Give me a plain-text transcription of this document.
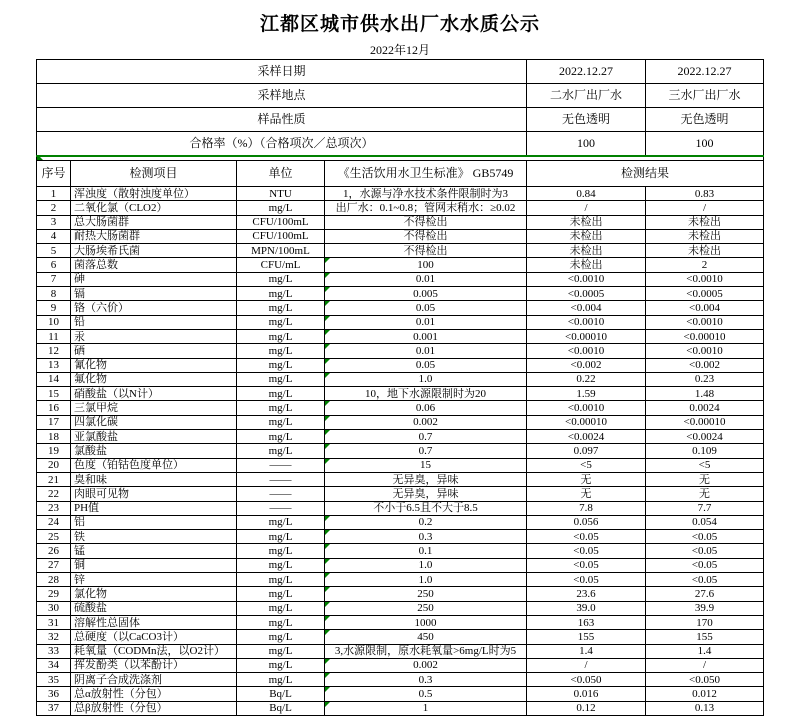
江都区城市供水出厂水水质公示
2022年12月
采样日期				2022.12.27	2022.12.27
采样地点				二水厂出厂水	三水厂出厂水
样品性质				无色透明	无色透明
合格率（%）（合格项次／总项次）				100	100

序号	检测项目	单位	《生活饮用水卫生标准》 GB5749	检测结果	
1	浑浊度（散射浊度单位）	NTU	1，水源与净水技术条件限制时为3	0.84	0.83
2	二氧化氯（CLO2）	mg/L	出厂水：0.1~0.8；管网末稍水：≥0.02	/	/
3	总大肠菌群	CFU/100mL	不得检出	未检出	未检出
4	耐热大肠菌群	CFU/100mL	不得检出	未检出	未检出
5	大肠埃希氏菌	MPN/100mL	不得检出	未检出	未检出
6	菌落总数	CFU/mL	100	未检出	2
7	砷	mg/L	0.01	<0.0010	<0.0010
8	镉	mg/L	0.005	<0.0005	<0.0005
9	铬（六价）	mg/L	0.05	<0.004	<0.004
10	铅	mg/L	0.01	<0.0010	<0.0010
11	汞	mg/L	0.001	<0.00010	<0.00010
12	硒	mg/L	0.01	<0.0010	<0.0010
13	氰化物	mg/L	0.05	<0.002	<0.002
14	氟化物	mg/L	1.0	0.22	0.23
15	硝酸盐（以N计）	mg/L	10，地下水源限制时为20	1.59	1.48
16	三氯甲烷	mg/L	0.06	<0.0010	0.0024
17	四氯化碳	mg/L	0.002	<0.00010	<0.00010
18	亚氯酸盐	mg/L	0.7	<0.0024	<0.0024
19	氯酸盐	mg/L	0.7	0.097	0.109
20	色度（铂钴色度单位）	——	15	<5	<5
21	臭和味	——	无异臭，异味	无	无
22	肉眼可见物	——	无异臭，异味	无	无
23	PH值	——	不小于6.5且不大于8.5	7.8	7.7
24	铝	mg/L	0.2	0.056	0.054
25	铁	mg/L	0.3	<0.05	<0.05
26	锰	mg/L	0.1	<0.05	<0.05
27	铜	mg/L	1.0	<0.05	<0.05
28	锌	mg/L	1.0	<0.05	<0.05
29	氯化物	mg/L	250	23.6	27.6
30	硫酸盐	mg/L	250	39.0	39.9
31	溶解性总固体	mg/L	1000	163	170
32	总硬度（以CaCO3计）	mg/L	450	155	155
33	耗氧量（CODMn法，以O2计）	mg/L	3,水源限制，原水耗氧量>6mg/L时为5	1.4	1.4
34	挥发酚类（以苯酚计）	mg/L	0.002	/	/
35	阴离子合成洗涤剂	mg/L	0.3	<0.050	<0.050
36	总α放射性（分包）	Bq/L	0.5	0.016	0.012
37	总β放射性（分包）	Bq/L	1	0.12	0.13
